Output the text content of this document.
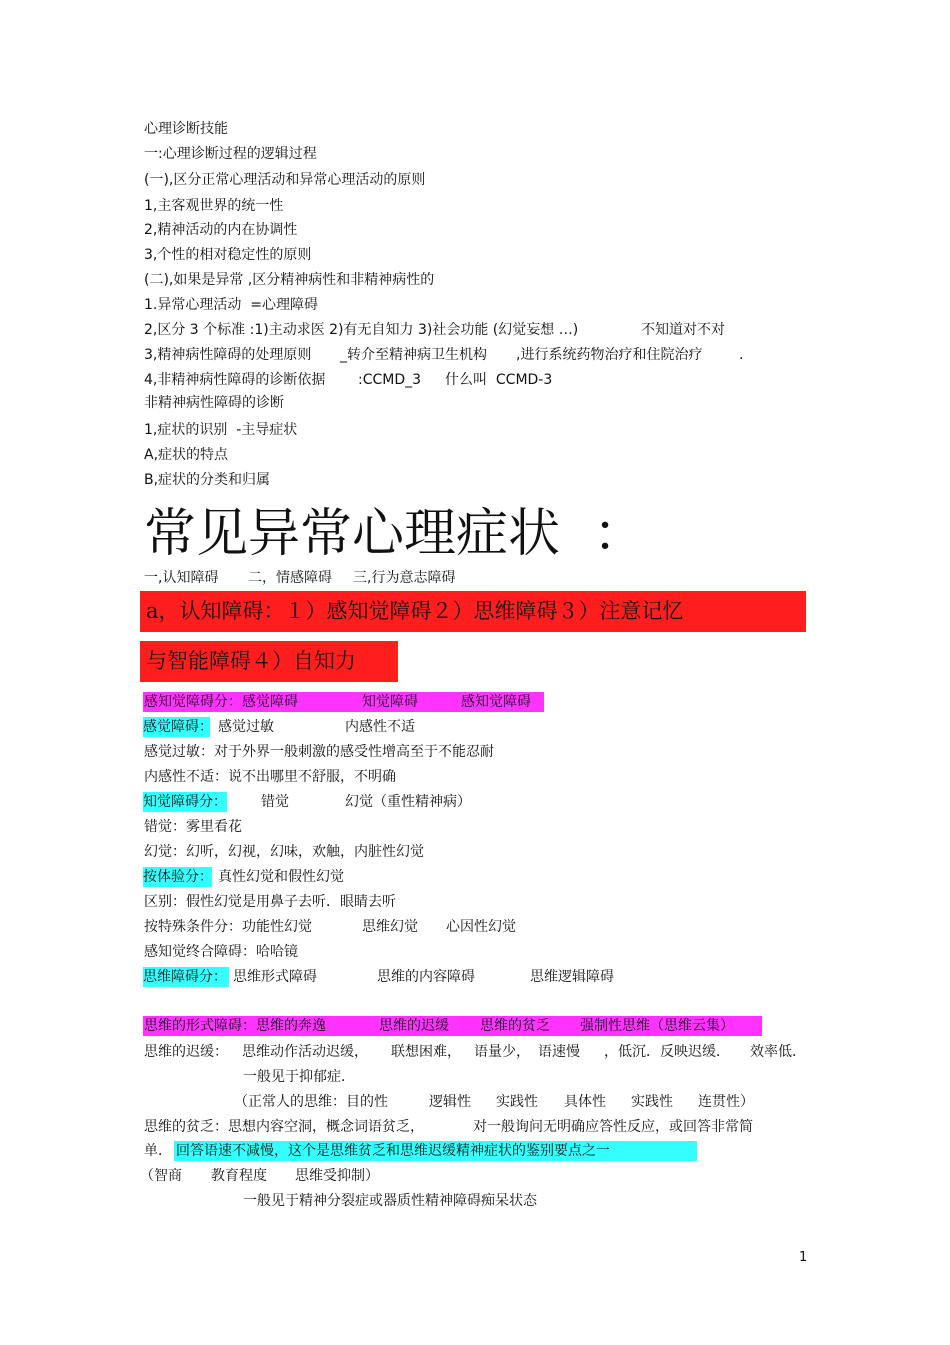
心理诊断技能
一:心理诊断过程的逻辑过程
(一),区分正常心理活动和异常心理活动的原则
1,主客观世界的统一性
2,精神活动的内在协调性
3,个性的相对稳定性的原则
(二),如果是异常 ,区分精神病性和非精神病性的
1.异常心理活动  =心理障碍

2,区分 3 个标准 :1)主动求医 2)有无自知力 3)社会功能 (幻觉妄想 …)

	不知道对不对

3,精神病性障碍的处理原则

_转介至精神病卫生机构

,进行系统药物治疗和住院治疗

	.

4,非精神病性障碍的诊断依据

:CCMD_3

什么叫  CCMD-3

非精神病性障碍的诊断
1,症状的识别  -主导症状
A,症状的特点
B,症状的分类和归属
常见异常心理症状  ：

一,认知障碍

二，情感障碍

三,行为意志障碍

a，认知障碍：１）感知觉障碍２）思维障碍３）注意记忆
与智能障碍４）自知力

感知觉障碍分：感觉障碍

	知觉障碍

	感知觉障碍

感觉障碍：

感觉过敏

	内感性不适

感觉过敏：对于外界一般刺激的感受性增高至于不能忍耐
内感性不适：说不出哪里不舒服，不明确

知觉障碍分：

错觉

	幻觉（重性精神病）

错觉：雾里看花
幻觉：幻听，幻视，幻味，欢触，内脏性幻觉

按体验分：

真性幻觉和假性幻觉

区别：假性幻觉是用鼻子去听．眼睛去听

按特殊条件分：功能性幻觉

	思维幻觉

心因性幻觉

感知觉终合障碍：哈哈镜

思维障碍分：

思维形式障碍

	思维的内容障碍

	思维逻辑障碍

思维的形式障碍：思维的奔逸

	思维的迟缓

思维的贫乏

强制性思维（思维云集）

思维的迟缓：

思维动作活动迟缓，

联想困难，

语量少，

语速慢

，低沉．反映迟缓．

效率低．

一般见于抑郁症．

（正常人的思维：目的性

	逻辑性

实践性

具体性

实践性

连贯性）

思维的贫乏：思想内容空洞，概念词语贫乏，

	对一般询问无明确应答性反应，或回答非常简

单．

回答语速不减慢，这个是思维贫乏和思维迟缓精神症状的鉴别要点之一

（智商

教育程度

思维受抑制）

一般见于精神分裂症或器质性精神障碍痴呆状态
1
